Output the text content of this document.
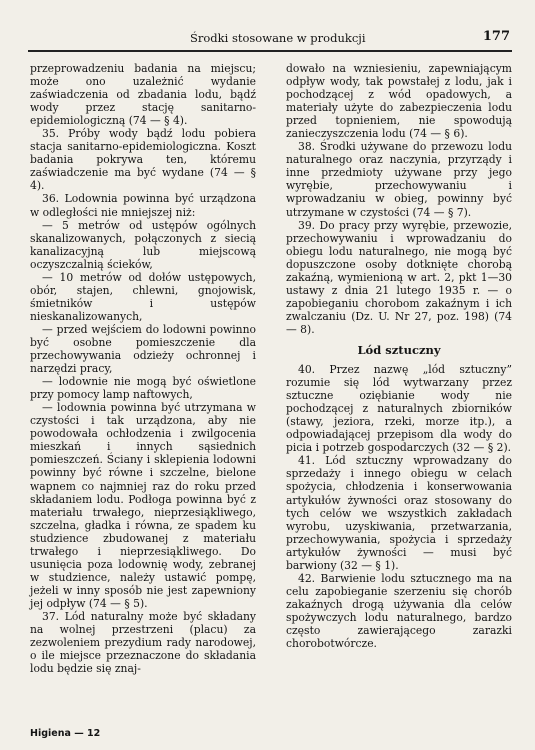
Środki stosowane w produkcji	177

przeprowadzeniu badania na miejscu; może ono uzależnić wydanie zaświadczenia od zbadania lodu, bądź wody przez stację sanitarno-epidemiologiczną (74 — § 4).

35. Próby wody bądź lodu pobiera stacja sanitarno-epidemiologiczna. Koszt badania pokrywa ten, któremu zaświadczenie ma być wydane (74 — § 4).

36. Lodownia powinna być urządzona w odległości nie mniejszej niż:

— 5 metrów od ustępów ogólnych skanalizowanych, połączonych z siecią kanalizacyjną lub miejscową oczyszczalnią ścieków,

— 10 metrów od dołów ustępowych, obór, stajen, chlewni, gnojowisk, śmietników i ustępów nieskanalizowanych,

— przed wejściem do lodowni powinno być osobne pomieszczenie dla przechowywania odzieży ochronnej i narzędzi pracy,

— lodownie nie mogą być oświetlone przy pomocy lamp naftowych,

— lodownia powinna być utrzymana w czystości i tak urządzona, aby nie powodowała ochłodzenia i zwilgocenia mieszkań i innych sąsiednich pomieszczeń. Ściany i sklepienia lodowni powinny być równe i szczelne, bielone wapnem co najmniej raz do roku przed składaniem lodu. Podłoga powinna być z materiału trwałego, nieprzesiąkliwego, szczelna, gładka i równa, ze spadem ku studziencе zbudowanej z materiału trwałego i nieprzesiąkliwego. Do usunięcia poza lodownię wody, zebranej w studzience, należy ustawić pompę, jeżeli w inny sposób nie jest zapewniony jej odpływ (74 — § 5).

37. Lód naturalny może być składany na wolnej przestrzeni (placu) za zezwoleniem prezydium rady narodowej, o ile miejsce przeznaczone do składania lodu będzie się znaj-

dowało na wzniesieniu, zapewniającym odpływ wody, tak powstałej z lodu, jak i pochodzącej z wód opadowych, a materiały użyte do zabezpieczenia lodu przed topnieniem, nie spowodują zanieczyszczenia lodu (74 — § 6).

38. Środki używane do przewozu lodu naturalnego oraz naczynia, przyrządy i inne przedmioty używane przy jego wyrębie, przechowywaniu i wprowadzaniu w obieg, powinny być utrzymane w czystości (74 — § 7).

39. Do pracy przy wyrębie, przewozie, przechowywaniu i wprowadzaniu do obiegu lodu naturalnego, nie mogą być dopuszczone osoby dotknięte chorobą zakaźną, wymienioną w art. 2, pkt 1—30 ustawy z dnia 21 lutego 1935 r. — o zapobieganiu chorobom zakaźnym i ich zwalczaniu (Dz. U. Nr 27, poz. 198) (74 — 8).

Lód sztuczny

40. Przez nazwę „lód sztuczny” rozumie się lód wytwarzany przez sztuczne oziębianie wody nie pochodzącej z naturalnych zbiorników (stawy, jeziora, rzeki, morze itp.), a odpowiadającej przepisom dla wody do picia i potrzeb gospodarczych (32 — § 2).

41. Lód sztuczny wprowadzany do sprzedaży i innego obiegu w celach spożycia, chłodzenia i konserwowania artykułów żywności oraz stosowany do tych celów we wszystkich zakładach wyrobu, uzyskiwania, przetwarzania, przechowywania, spożycia i sprzedaży artykułów żywności — musi być barwiony (32 — § 1).

42. Barwienie lodu sztucznego ma na celu zapobieganie szerzeniu się chorób zakaźnych drogą używania dla celów spożywczych lodu naturalnego, bardzo często zawierającego zarazki chorobotwórcze.

Higiena — 12
